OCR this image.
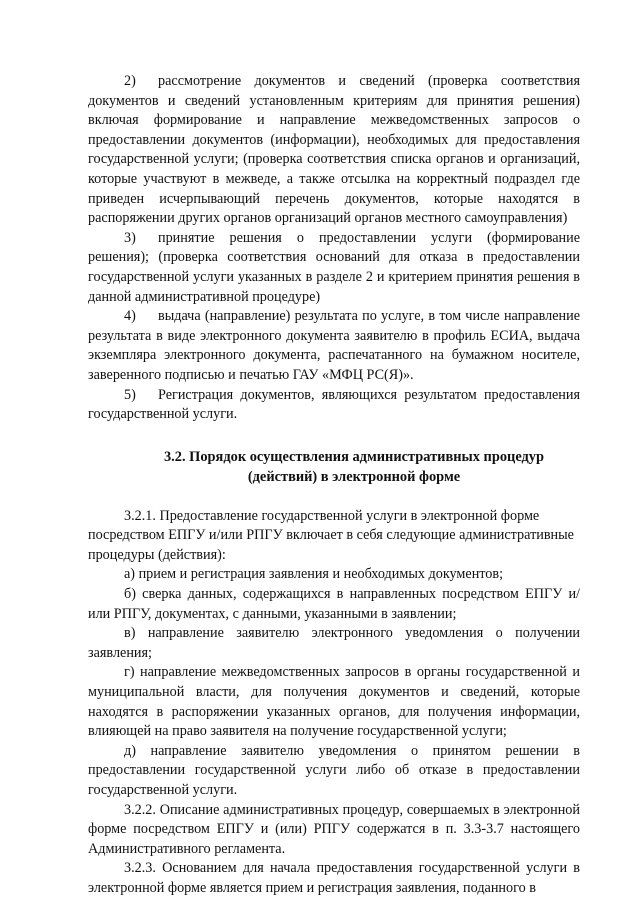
2) рассмотрение документов и сведений (проверка соответствия документов и сведений установленным критериям для принятия решения) включая формирование и направление межведомственных запросов о предоставлении документов (информации), необходимых для предоставления государственной услуги; (проверка соответствия списка органов и организаций, которые участвуют в межведе, а также отсылка на корректный подраздел где приведен исчерпывающий перечень документов, которые находятся в распоряжении других органов организаций органов местного самоуправления)

3) принятие решения о предоставлении услуги (формирование решения); (проверка соответствия оснований для отказа в предоставлении государственной услуги указанных в разделе 2 и критерием принятия решения в данной административной процедуре)

4) выдача (направление) результата по услуге, в том числе направление результата в виде электронного документа заявителю в профиль ЕСИА, выдача экземпляра электронного документа, распечатанного на бумажном носителе, заверенного подписью и печатью ГАУ «МФЦ РС(Я)».

5) Регистрация документов, являющихся результатом предоставления государственной услуги.

3.2. Порядок осуществления административных процедур
(действий) в электронной форме

3.2.1. Предоставление государственной услуги в электронной форме посредством ЕПГУ и/или РПГУ включает в себя следующие административные процедуры (действия):

а) прием и регистрация заявления и необходимых документов;

б) сверка данных, содержащихся в направленных посредством ЕПГУ и/или РПГУ, документах, с данными, указанными в заявлении;

в) направление заявителю электронного уведомления о получении заявления;

г) направление межведомственных запросов в органы государственной и муниципальной власти, для получения документов и сведений, которые находятся в распоряжении указанных органов, для получения информации, влияющей на право заявителя на получение государственной услуги;

д) направление заявителю уведомления о принятом решении в предоставлении государственной услуги либо об отказе в предоставлении государственной услуги.

3.2.2. Описание административных процедур, совершаемых в электронной форме посредством ЕПГУ и (или) РПГУ содержатся в п. 3.3-3.7 настоящего Административного регламента.

3.2.3. Основанием для начала предоставления государственной услуги в электронной форме является прием и регистрация заявления, поданного в
